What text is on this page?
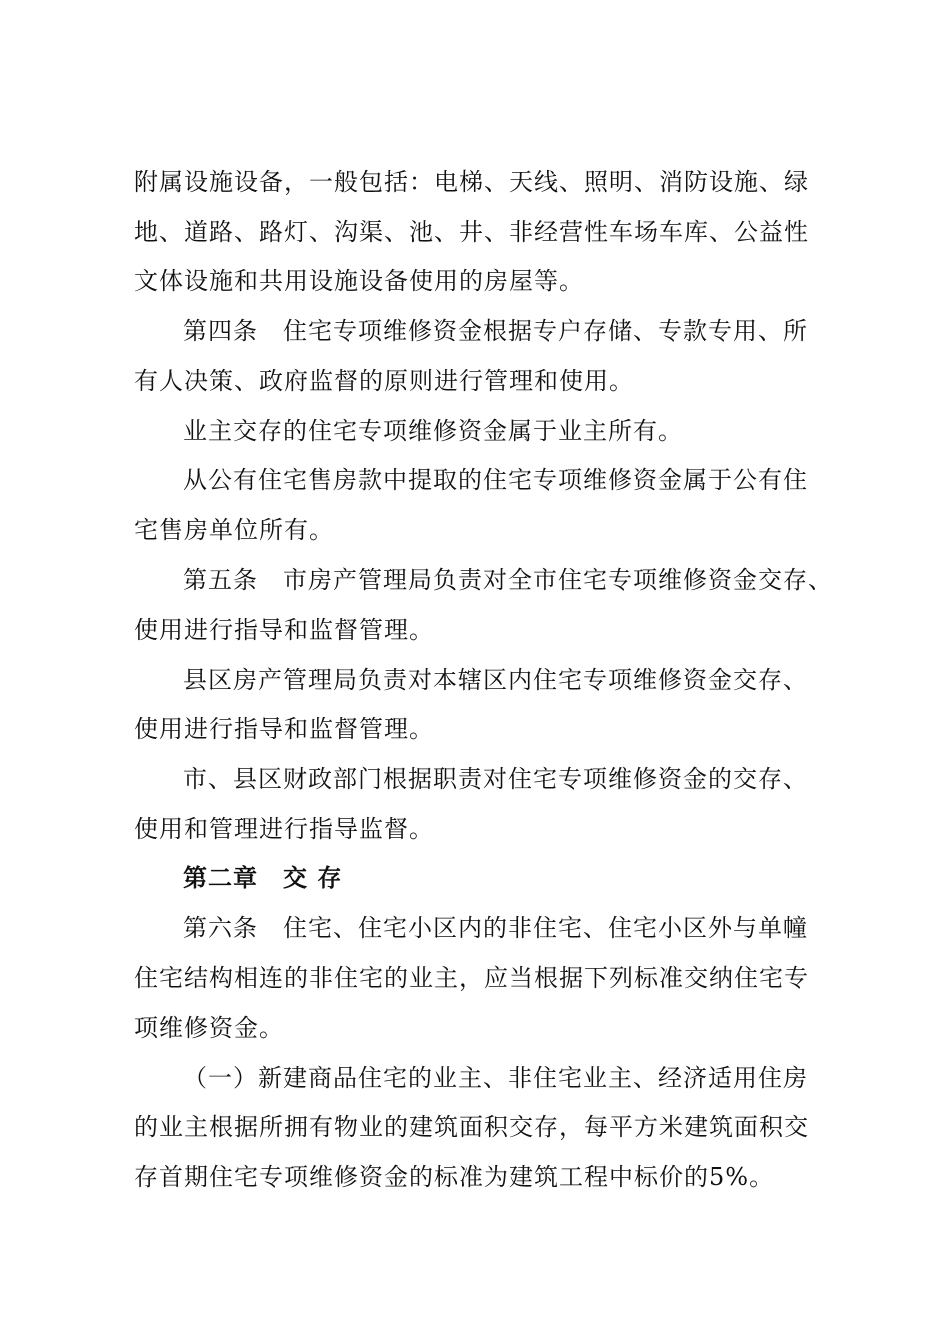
附属设施设备，一般包括：电梯、天线、照明、消防设施、绿
地、道路、路灯、沟渠、池、井、非经营性车场车库、公益性
文体设施和共用设施设备使用的房屋等。
第四条　住宅专项维修资金根据专户存储、专款专用、所
有人决策、政府监督的原则进行管理和使用。
业主交存的住宅专项维修资金属于业主所有。
从公有住宅售房款中提取的住宅专项维修资金属于公有住
宅售房单位所有。
第五条　市房产管理局负责对全市住宅专项维修资金交存、
使用进行指导和监督管理。
县区房产管理局负责对本辖区内住宅专项维修资金交存、
使用进行指导和监督管理。
市、县区财政部门根据职责对住宅专项维修资金的交存、
使用和管理进行指导监督。
第二章　交 存
第六条　住宅、住宅小区内的非住宅、住宅小区外与单幢
住宅结构相连的非住宅的业主，应当根据下列标准交纳住宅专
项维修资金。
（一）新建商品住宅的业主、非住宅业主、经济适用住房
的业主根据所拥有物业的建筑面积交存，每平方米建筑面积交
存首期住宅专项维修资金的标准为建筑工程中标价的5%。
